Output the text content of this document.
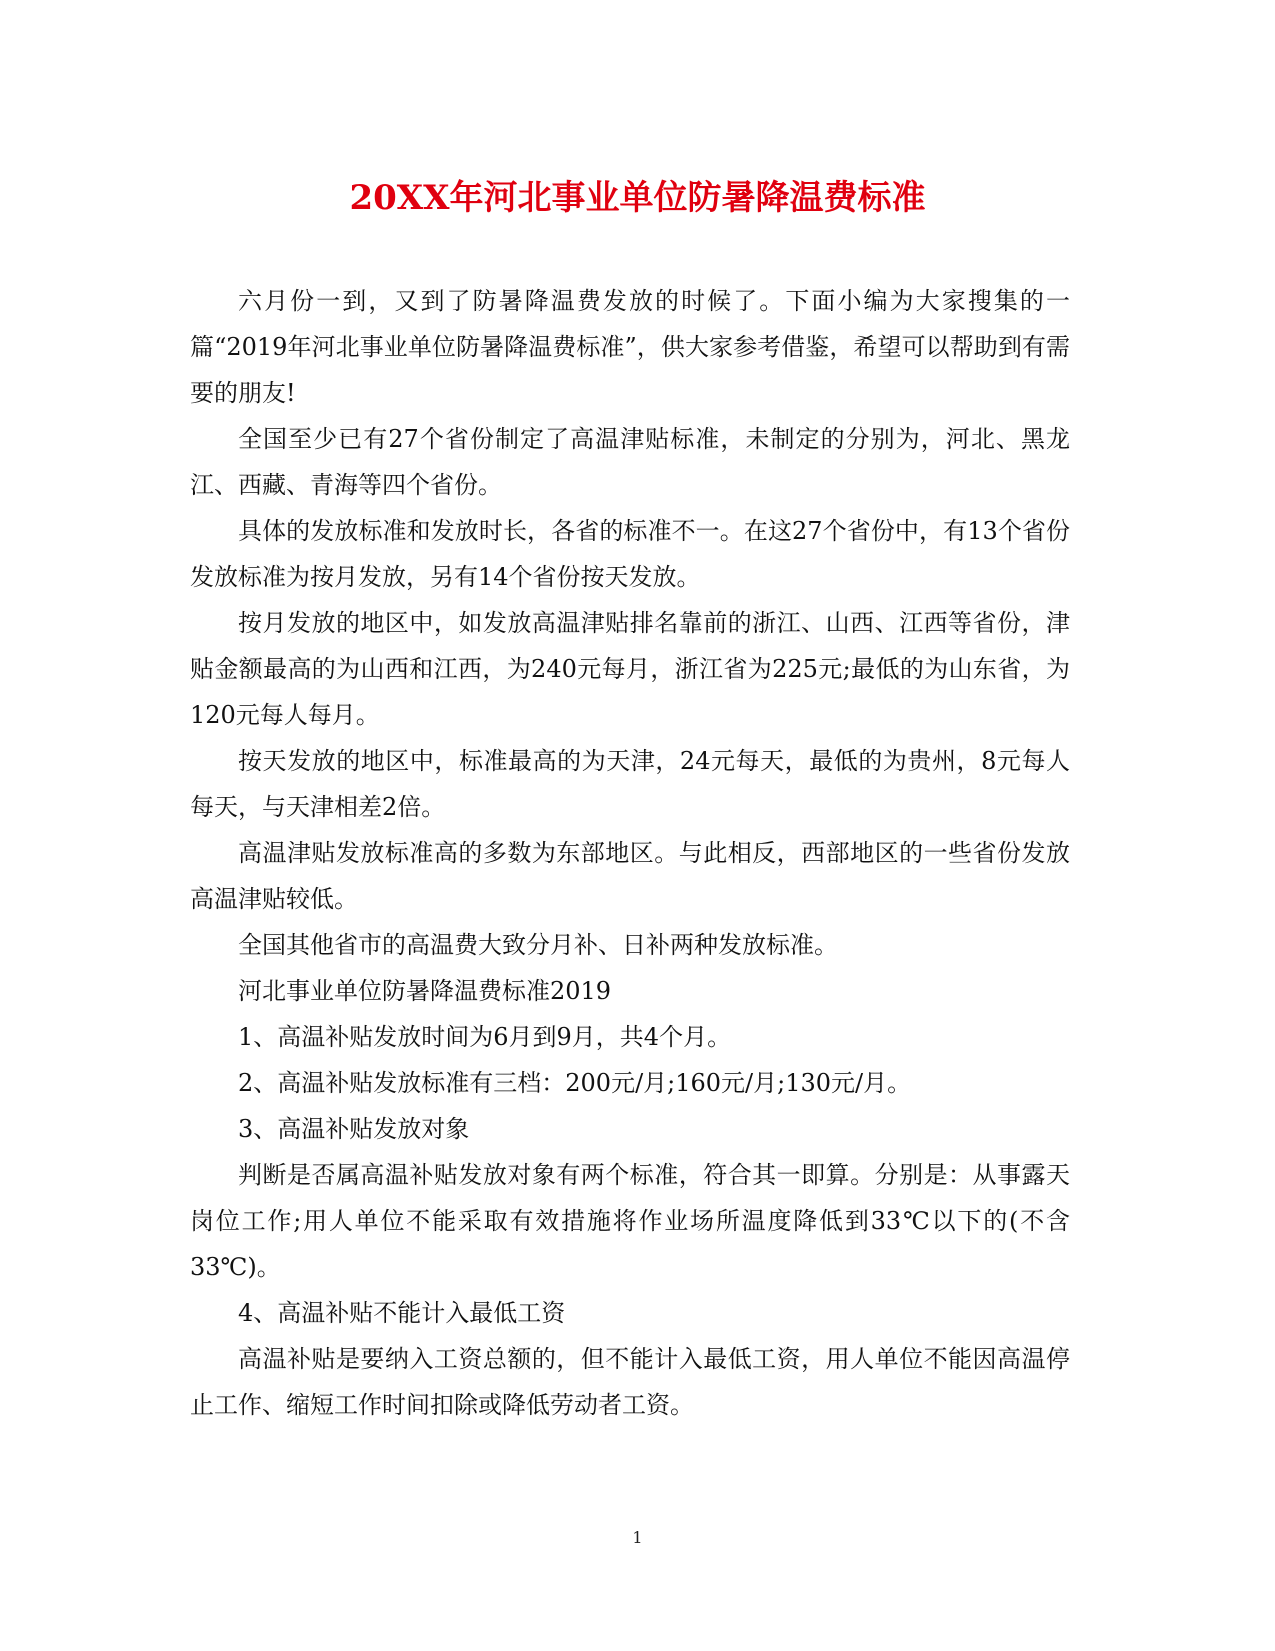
20XX年河北事业单位防暑降温费标准

六月份一到，又到了防暑降温费发放的时候了。下面小编为大家搜集的一篇“2019年河北事业单位防暑降温费标准”，供大家参考借鉴，希望可以帮助到有需要的朋友!

全国至少已有27个省份制定了高温津贴标准，未制定的分别为，河北、黑龙江、西藏、青海等四个省份。

具体的发放标准和发放时长，各省的标准不一。在这27个省份中，有13个省份发放标准为按月发放，另有14个省份按天发放。

按月发放的地区中，如发放高温津贴排名靠前的浙江、山西、江西等省份，津贴金额最高的为山西和江西，为240元每月，浙江省为225元;最低的为山东省，为120元每人每月。

按天发放的地区中，标准最高的为天津，24元每天，最低的为贵州，8元每人每天，与天津相差2倍。

高温津贴发放标准高的多数为东部地区。与此相反，西部地区的一些省份发放高温津贴较低。

全国其他省市的高温费大致分月补、日补两种发放标准。

河北事业单位防暑降温费标准2019

1、高温补贴发放时间为6月到9月，共4个月。

2、高温补贴发放标准有三档：200元/月;160元/月;130元/月。

3、高温补贴发放对象

判断是否属高温补贴发放对象有两个标准，符合其一即算。分别是：从事露天岗位工作;用人单位不能采取有效措施将作业场所温度降低到33℃以下的(不含33℃)。

4、高温补贴不能计入最低工资

高温补贴是要纳入工资总额的，但不能计入最低工资，用人单位不能因高温停止工作、缩短工作时间扣除或降低劳动者工资。

1
